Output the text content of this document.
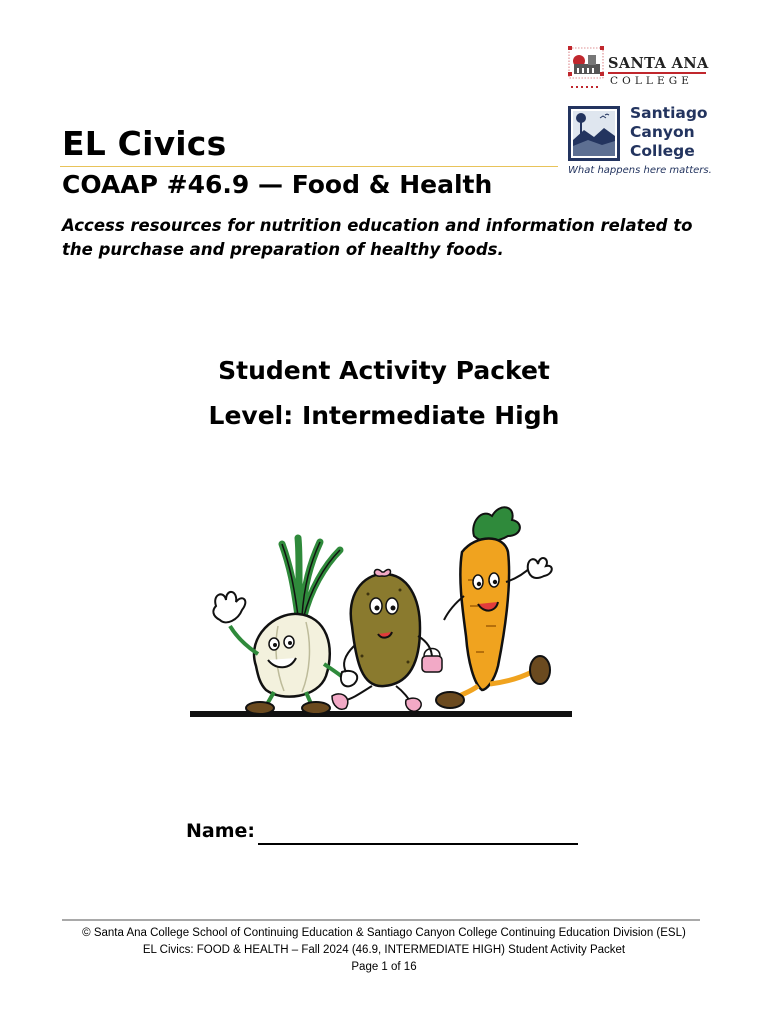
SANTA ANA
COLLEGE
Santiago
Canyon
College
What happens here matters.
EL Civics
COAAP #46.9 — Food & Health
Access resources for nutrition education and information related to the purchase and preparation of healthy foods.
Student Activity Packet
Level: Intermediate High
Name:
© Santa Ana College School of Continuing Education & Santiago Canyon College Continuing Education Division (ESL)
EL Civics: FOOD & HEALTH – Fall 2024 (46.9, INTERMEDIATE HIGH) Student Activity Packet
Page 1 of 16
